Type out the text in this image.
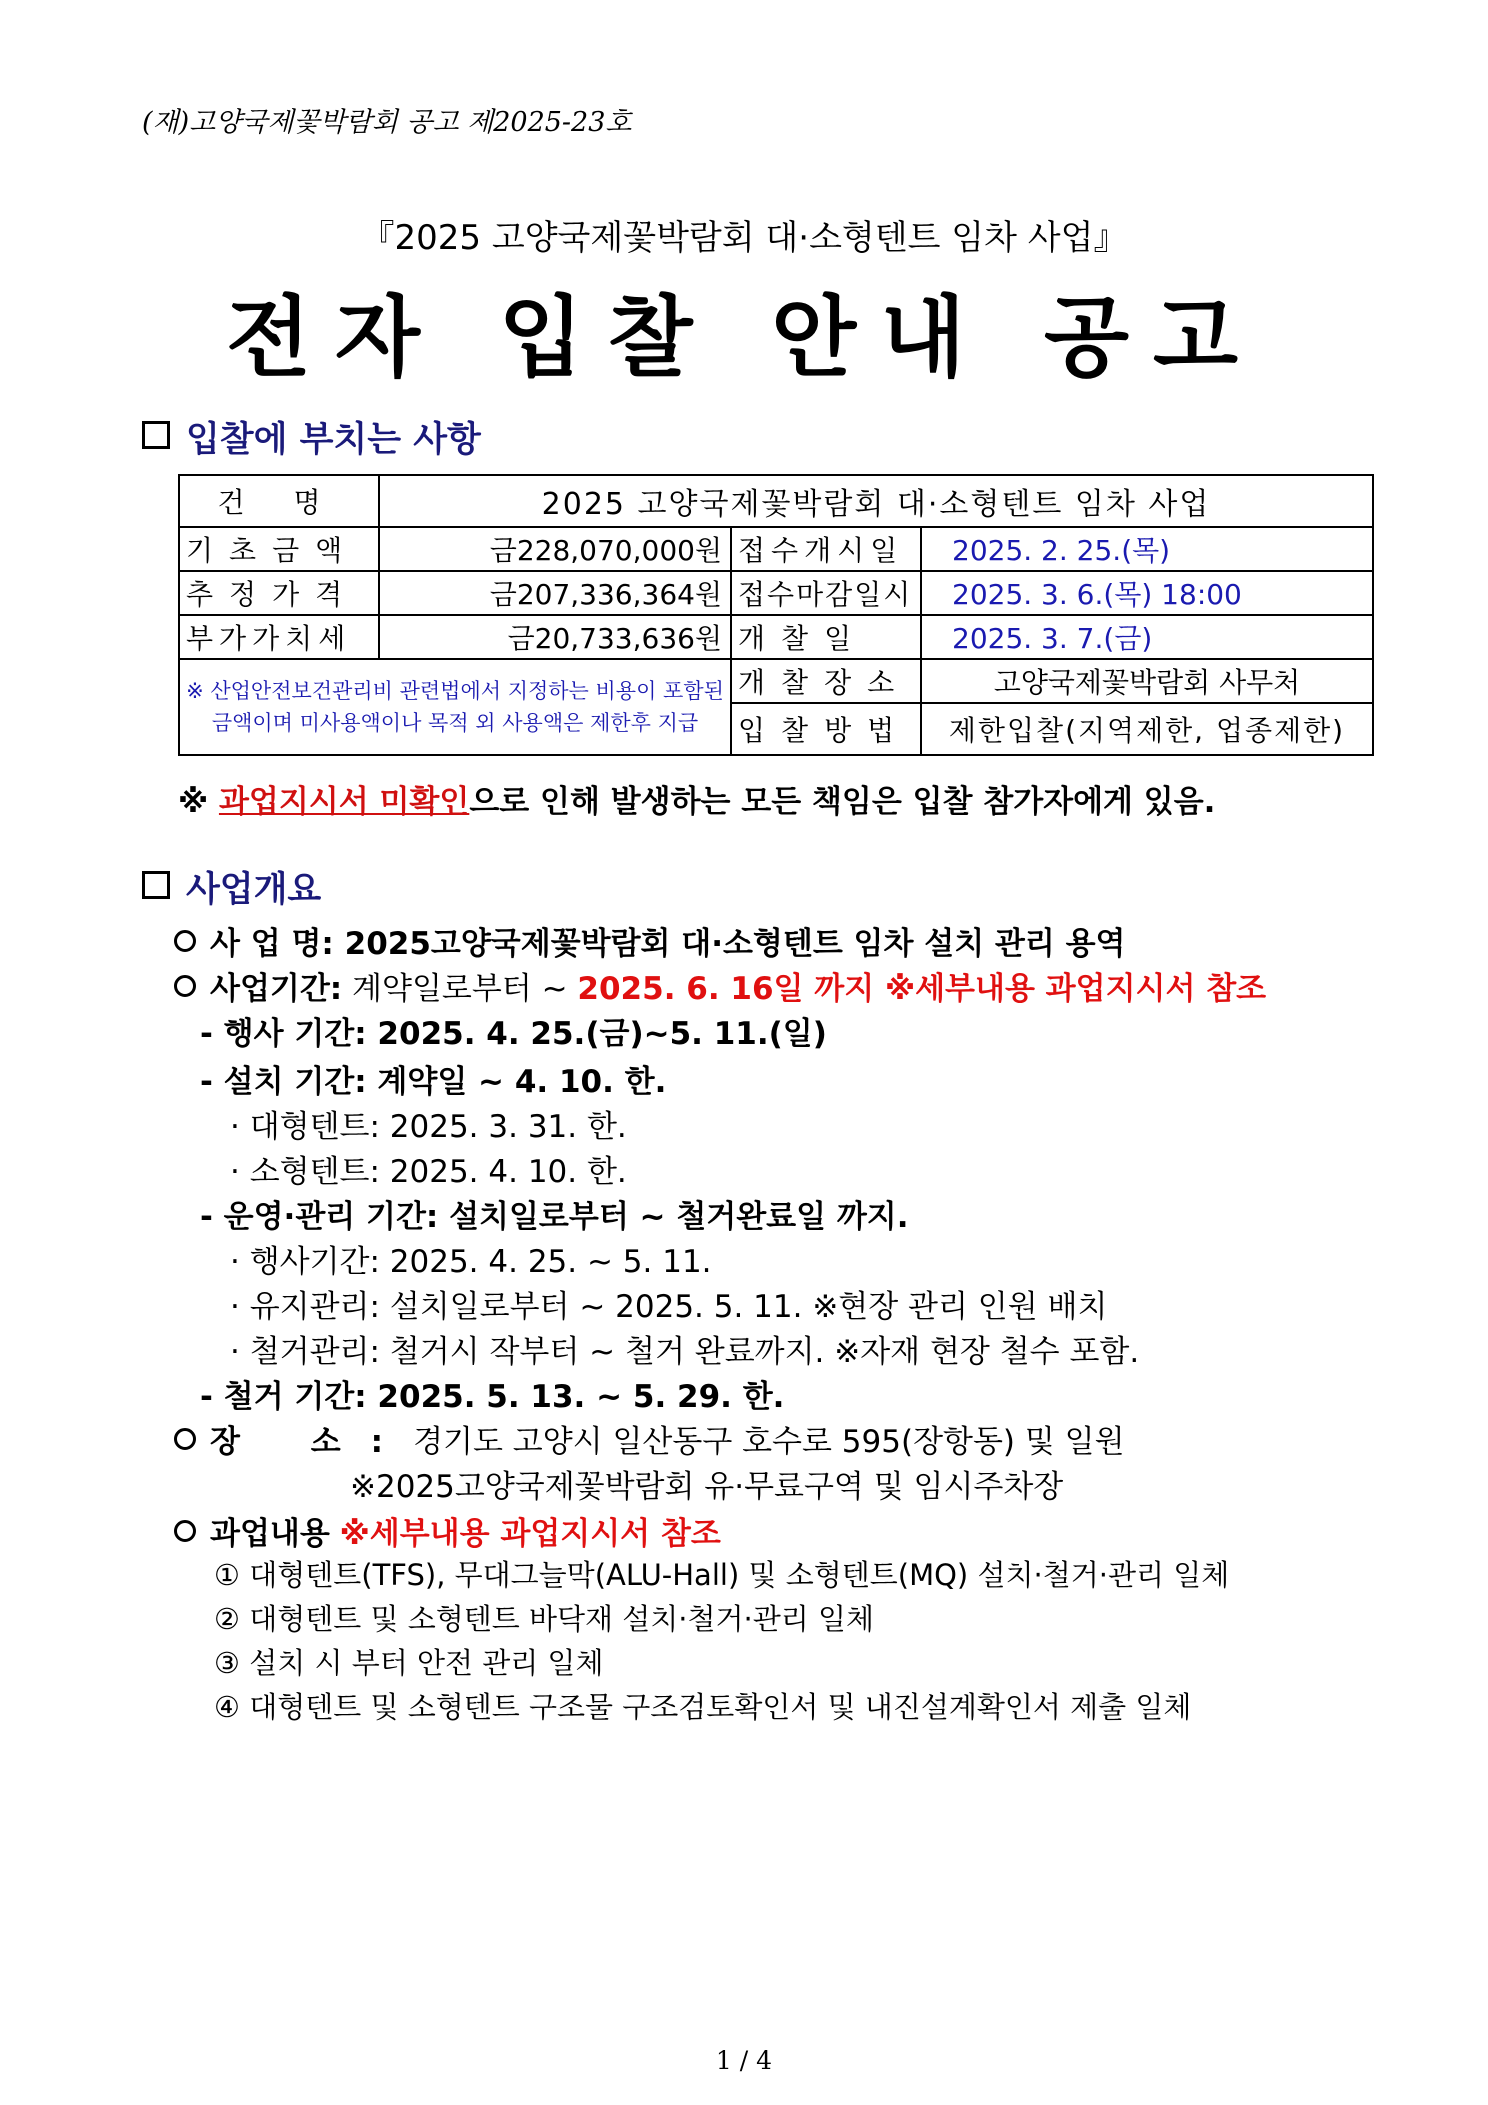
(재)고양국제꽃박람회 공고 제2025-23호
『2025 고양국제꽃박람회 대·소형텐트 임차 사업』
전자 입찰 안내 공고
입찰에 부치는 사항
건 명	2025 고양국제꽃박람회 대·소형텐트 임차 사업		
기초금액	금228,070,000원	접수개시일	2025. 2. 25.(목)
추정가격	금207,336,364원	접수마감일시	2025. 3. 6.(목) 18:00
부가가치세	금20,733,636원	개찰일	2025. 3. 7.(금)
※ 산업안전보건관리비 관련법에서 지정하는 비용이 포함된 금액이며 미사용액이나 목적 외 사용액은 제한후 지급		개찰장소	고양국제꽃박람회 사무처
		입찰방법	제한입찰(지역제한, 업종제한)
※ 과업지시서 미확인으로 인해 발생하는 모든 책임은 입찰 참가자에게 있음.
사업개요
사 업 명: 2025고양국제꽃박람회 대·소형텐트 임차 설치 관리 용역
사업기간: 계약일로부터 ~ 2025. 6. 16일 까지 ※세부내용 과업지시서 참조
- 행사 기간: 2025. 4. 25.(금)~5. 11.(일)
- 설치 기간: 계약일 ~ 4. 10. 한.
· 대형텐트: 2025. 3. 31. 한.
· 소형텐트: 2025. 4. 10. 한.
- 운영·관리 기간: 설치일로부터 ~ 철거완료일 까지.
· 행사기간: 2025. 4. 25. ~ 5. 11.
· 유지관리: 설치일로부터 ~ 2025. 5. 11. ※현장 관리 인원 배치
· 철거관리: 철거시 작부터 ~ 철거 완료까지. ※자재 현장 철수 포함.
- 철거 기간: 2025. 5. 13. ~ 5. 29. 한.
장 소:경기도 고양시 일산동구 호수로 595(장항동) 및 일원
※2025고양국제꽃박람회 유·무료구역 및 임시주차장
과업내용 ※세부내용 과업지시서 참조
① 대형텐트(TFS), 무대그늘막(ALU-Hall) 및 소형텐트(MQ) 설치·철거·관리 일체
② 대형텐트 및 소형텐트 바닥재 설치·철거·관리 일체
③ 설치 시 부터 안전 관리 일체
④ 대형텐트 및 소형텐트 구조물 구조검토확인서 및 내진설계확인서 제출 일체
1 / 4
